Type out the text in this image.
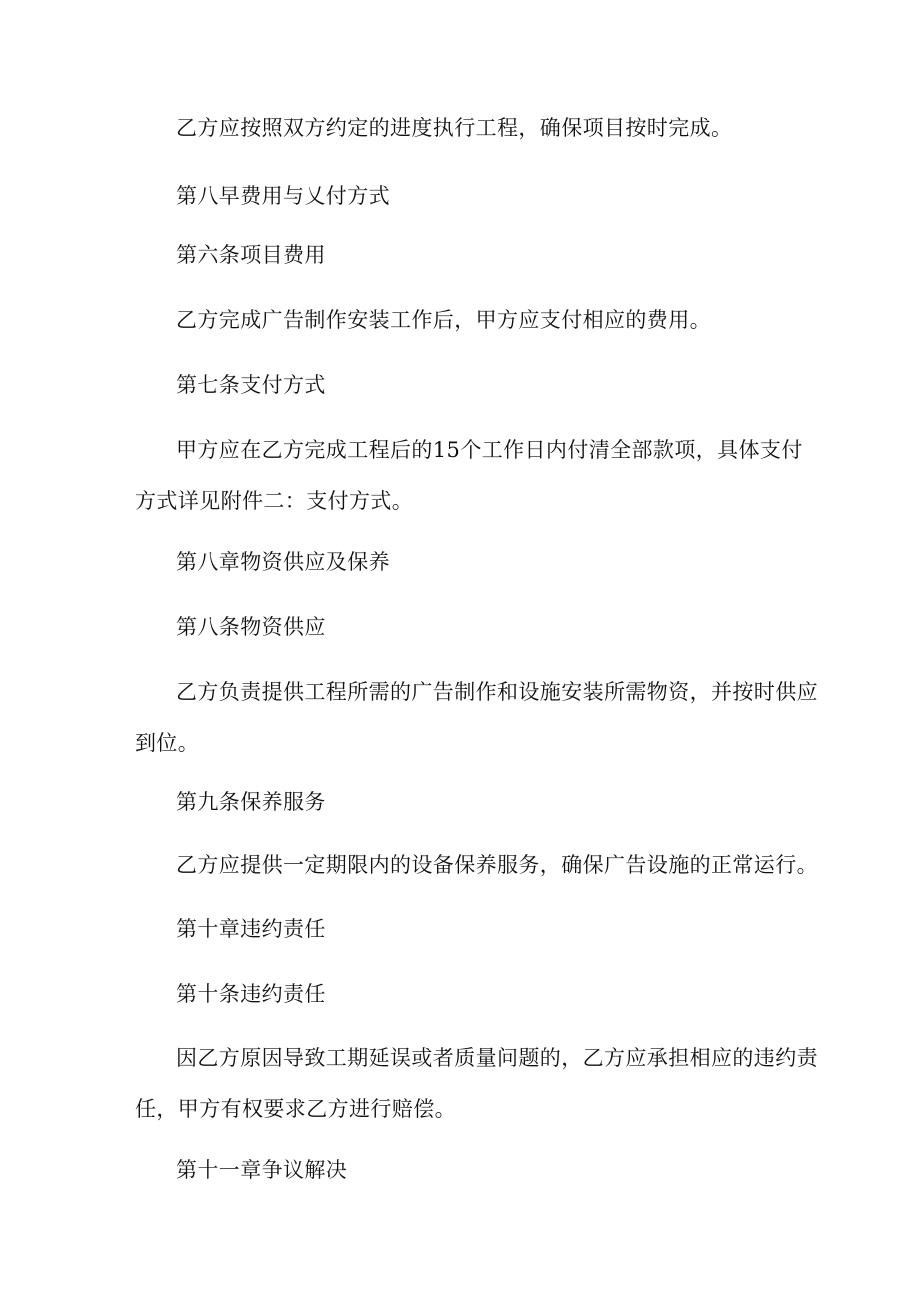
乙方应按照双方约定的进度执行工程，确保项目按时完成。
第八早费用与乂付方式
第六条项目费用
乙方完成广告制作安装工作后，甲方应支付相应的费用。
第七条支付方式
甲方应在乙方完成工程后的15个工作日内付清全部款项，具体支付
方式详见附件二：支付方式。
第八章物资供应及保养
第八条物资供应
乙方负责提供工程所需的广告制作和设施安装所需物资，并按时供应
到位。
第九条保养服务
乙方应提供一定期限内的设备保养服务，确保广告设施的正常运行。
第十章违约责任
第十条违约责任
因乙方原因导致工期延误或者质量问题的，乙方应承担相应的违约责
任，甲方有权要求乙方进行赔偿。
第十一章争议解决
